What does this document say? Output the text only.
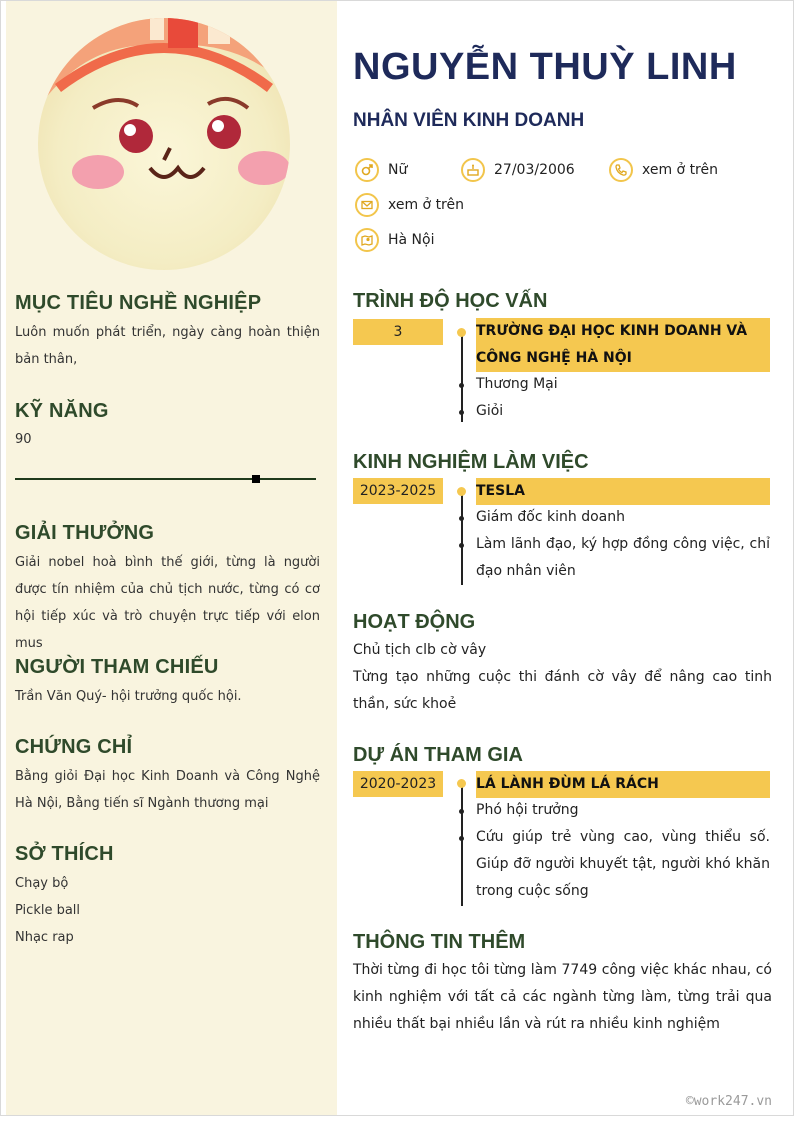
MỤC TIÊU NGHỀ NGHIỆP

Luôn muốn phát triển, ngày càng hoàn thiện bản thân,

KỸ NĂNG

90

GIẢI THƯỞNG

Giải nobel hoà bình thế giới, từng là người được tín nhiệm của chủ tịch nước, từng có cơ hội tiếp xúc và trò chuyện trực tiếp với elon mus

NGƯỜI THAM CHIẾU

Trần Văn Quý- hội trưởng quốc hội.

CHỨNG CHỈ

Bằng giỏi Đại học Kinh Doanh và Công Nghệ Hà Nội, Bằng tiến sĩ Ngành thương mại

SỞ THÍCH
Chạy bộ
Pickle ball
Nhạc rap
NGUYỄN THUỲ LINH
NHÂN VIÊN KINH DOANH
Nữ	27/03/2006	xem ở trên
xem ở trên
Hà Nội
TRÌNH ĐỘ HỌC VẤN
3	TRƯỜNG ĐẠI HỌC KINH DOANH VÀ CÔNG NGHỆ HÀ NỘI

Thương Mại

Giỏi

KINH NGHIỆM LÀM VIỆC
2023-2025	TESLA

Giám đốc kinh doanh

Làm lãnh đạo, ký hợp đồng công việc, chỉ đạo nhân viên

HOẠT ĐỘNG

Chủ tịch clb cờ vây

Từng tạo những cuộc thi đánh cờ vây để nâng cao tinh thần, sức khoẻ

DỰ ÁN THAM GIA
2020-2023	LÁ LÀNH ĐÙM LÁ RÁCH

Phó hội trưởng

Cứu giúp trẻ vùng cao, vùng thiểu số. Giúp đỡ người khuyết tật, người khó khăn trong cuộc sống

THÔNG TIN THÊM

Thời từng đi học tôi từng làm 7749 công việc khác nhau, có kinh nghiệm với tất cả các ngành từng làm, từng trải qua nhiều thất bại nhiều lần và rút ra nhiều kinh nghiệm

©work247.vn
